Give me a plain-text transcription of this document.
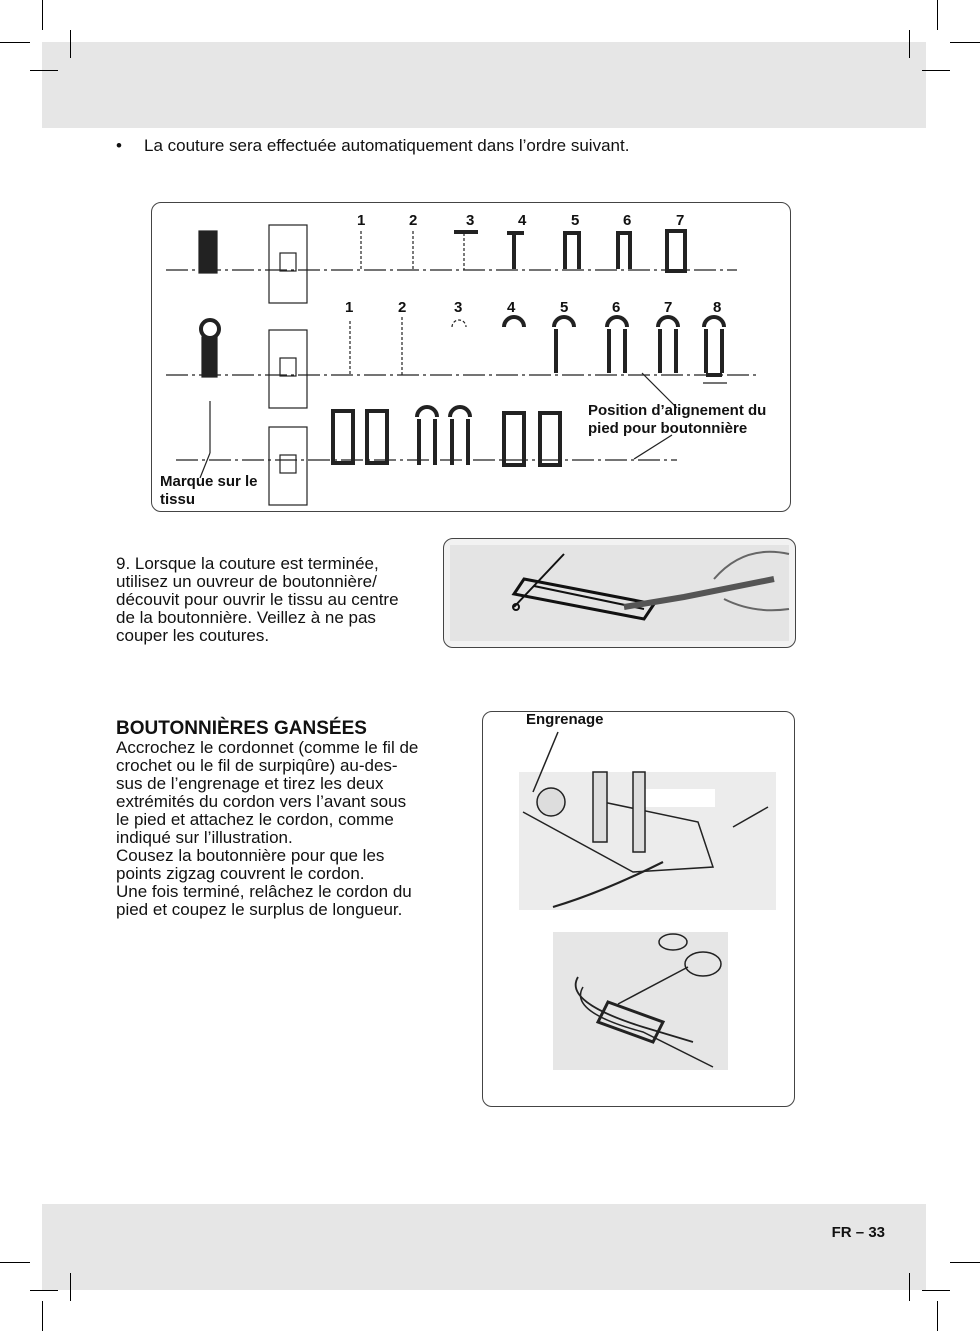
FR – 33
• La couture sera effectuée automatiquement dans l’ordre suivant.
1	2	3	4	5	6	7
1	2	3	4	5	6	7	8
Position d’alignement du
pied pour boutonnière
Marque sur le
tissu
9. Lorsque la couture est terminée,
utilisez un ouvreur de boutonnière/
découvit pour ouvrir le tissu au centre
de la boutonnière. Veillez à ne pas
couper les coutures.
BOUTONNIÈRES GANSÉES
Accrochez le cordonnet (comme le fil de
crochet ou le fil de surpiqûre) au-des-
sus de l’engrenage et tirez les deux
extrémités du cordon vers l’avant sous
le pied et attachez le cordon, comme
indiqué sur l’illustration.
Cousez la boutonnière pour que les
points zigzag couvrent le cordon.
Une fois terminé, relâchez le cordon du
pied et coupez le surplus de longueur.
Engrenage
